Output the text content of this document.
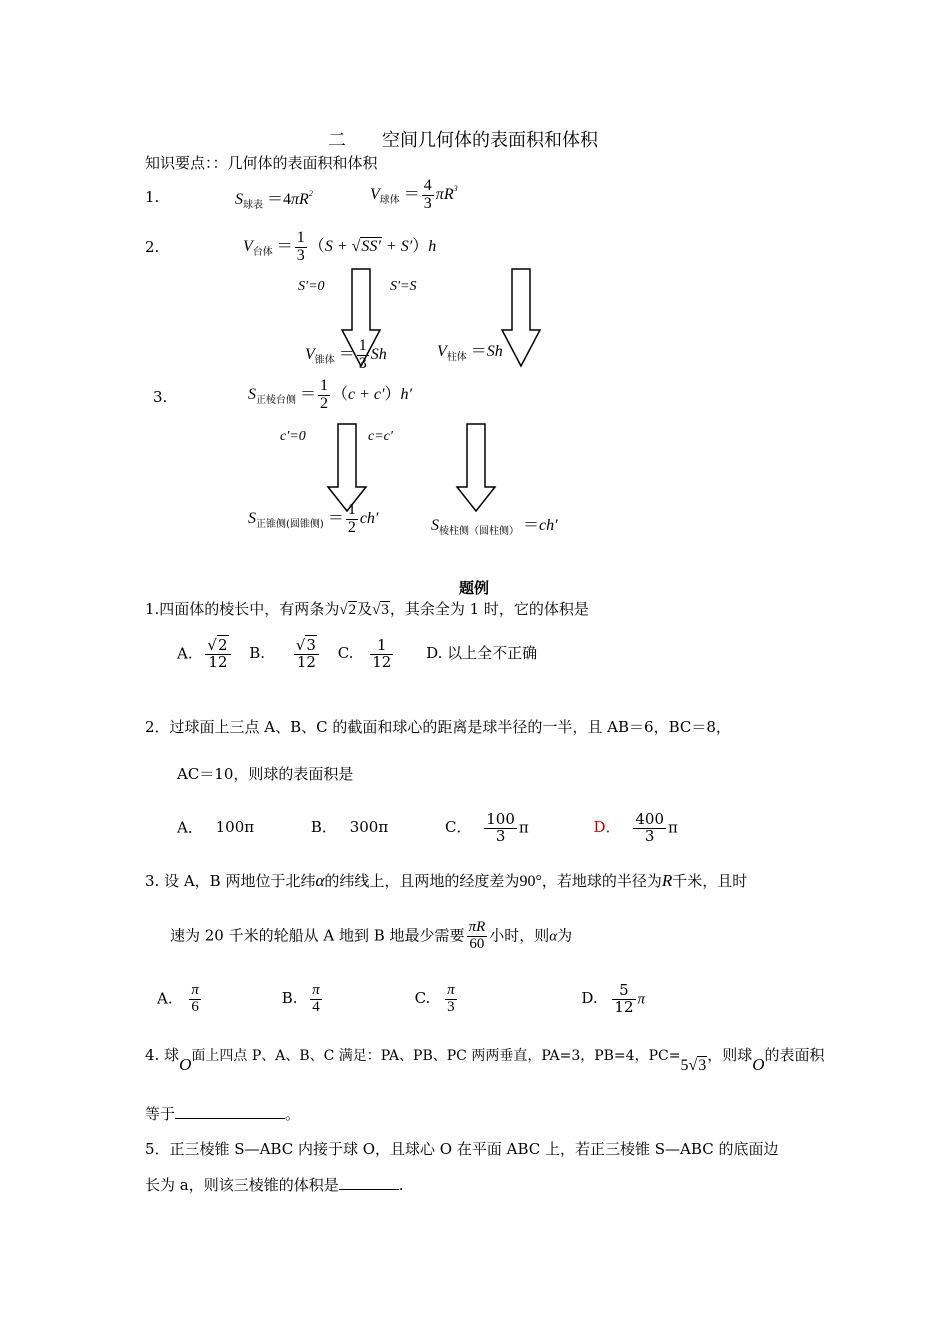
二　　空间几何体的表面积和体积
知识要点：：几何体的表面积和体积
1.	$S_{球表} =4\pi R^2$	$V_{球体} = \frac{4}{3} \pi R^3$
2.	$V_{台体} = \frac{1}{3} (S + √SS' + S')h$
S′=0	S′=S
$V_{锥体} = \frac{1}{3}$ Sh	$V_{柱体} =Sh$
3.	$S_{正棱台侧} = \frac{1}{2} (c + c')h'$
c′=0	c=c′
$S_{正锥侧(圆锥侧)} = \frac{1}{2} ch'$	$S_{棱柱侧(圆柱侧)} =ch'$
题例
1.四面体的棱长中，有两条为√2及√3，其余全为 1 时，它的体积是
A. $\frac{√2}{12} B$. $\frac{√3}{12} C$. $\frac{1}{12} D$. 以上全不正确
2．过球面上三点 A、B、C 的截面和球心的距离是球半径的一半，且 AB＝6，BC＝8，
AC＝10，则球的表面积是
A． 100π	B． 300π	C． $\frac{100}{3}$ π	D． $\frac{400}{3}$ π
3. 设 A，B 两地位于北纬α的纬线上，且两地的经度差为90°，若地球的半径为R千米，且时
速为 20 千米的轮船从 A 地到 B 地最少需要 $\frac{\pi R}{60}$ 小时，则α为
A. $\frac{\pi}{6}$	B. $\frac{\pi}{4}$	C. $\frac{\pi}{3}$	D. $\frac{5}{12}$ π
4. 球O面上四点 P、A、B、C 满足：PA、PB、PC 两两垂直，PA=3，PB=4，PC=5√3，则球O的表面积
等于	。
5．正三棱锥 S—ABC 内接于球 O，且球心 O 在平面 ABC 上，若正三棱锥 S—ABC 的底面边
长为 a，则该三棱锥的体积是	.
